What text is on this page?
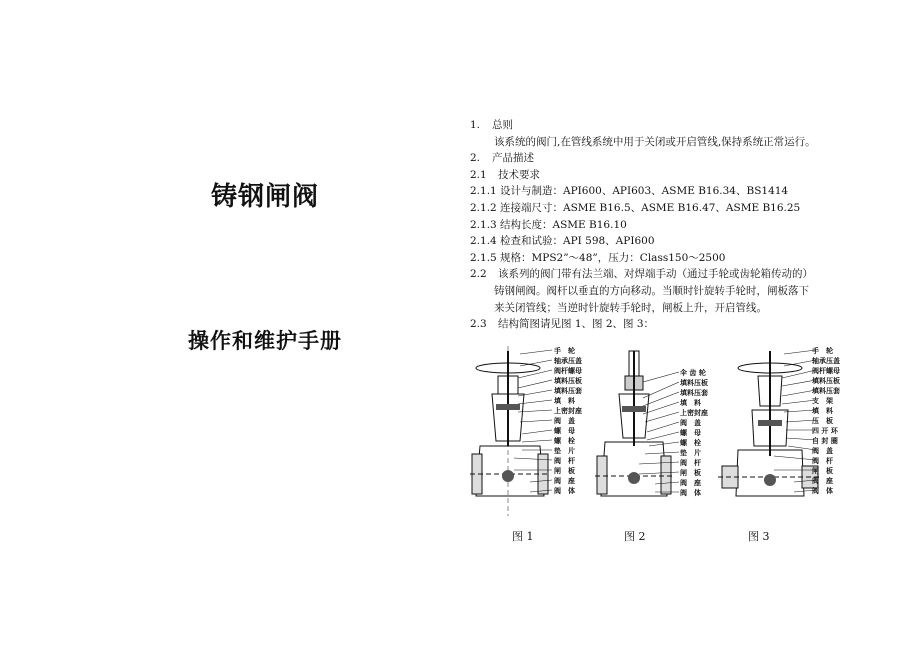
铸钢闸阀
操作和维护手册
1. 总则
该系统的阀门,在管线系统中用于关闭或开启管线,保持系统正常运行。
2. 产品描述
2.1 技术要求
2.1.1 设计与制造：API600、API603、ASME B16.34、BS1414
2.1.2 连接端尺寸：ASME B16.5、ASME B16.47、ASME B16.25
2.1.3 结构长度：ASME B16.10
2.1.4 检查和试验：API 598、API600
2.1.5 规格：MPS2”～48”，压力：Class150～2500
2.2 该系列的阀门带有法兰端、对焊端手动（通过手轮或齿轮箱传动的）
铸钢闸阀。阀杆以垂直的方向移动。当顺时针旋转手轮时，闸板落下
来关闭管线；当逆时针旋转手轮时，闸板上升，开启管线。
2.3 结构简图请见图 1、图 2、图 3：
手　轮
轴承压盖
阀杆螺母
填料压板
填料压套
填　料
上密封座
阀　盖
螺　母
螺　栓
垫　片
阀　杆
闸　板
阀　座
阀　体
伞 齿 轮
填料压板
填料压套
填　料
上密封座
阀　盖
螺　母
螺　栓
垫　片
阀　杆
闸　板
阀　座
阀　体
手　轮
轴承压盖
阀杆螺母
填料压板
填料压套
支　架
填　料
压　板
四 开 环
自 封 圈
阀　盖
阀　杆
闸　板
阀　座
阀　体
图 1	图 2	图 3
